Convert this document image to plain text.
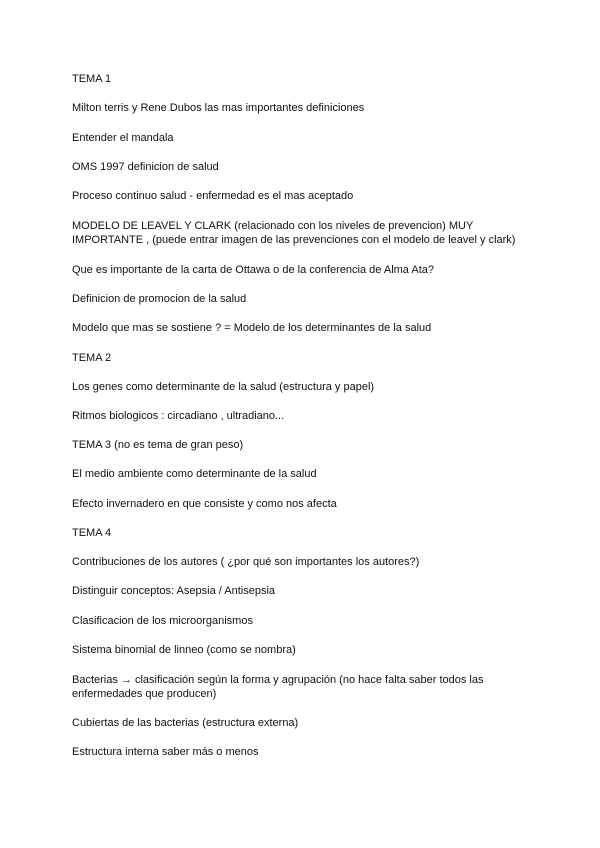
TEMA 1
Milton terris y Rene Dubos las mas importantes definiciones
Entender el mandala
OMS 1997 definicion de salud
Proceso continuo salud - enfermedad es el mas aceptado
MODELO DE LEAVEL Y CLARK (relacionado con los niveles de prevencion) MUY IMPORTANTE , (puede entrar imagen de las prevenciones con el modelo de leavel y clark)
Que es importante de la carta de Ottawa o de la conferencia de Alma Ata?
Definicion de promocion de la salud
Modelo que mas se sostiene ? = Modelo de los determinantes de la salud
TEMA 2
Los genes como determinante de la salud (estructura y papel)
Ritmos biologicos : circadiano , ultradiano...
TEMA 3 (no es tema de gran peso)
El medio ambiente como determinante de la salud
Efecto invernadero en que consiste y como nos afecta
TEMA 4
Contribuciones de los autores ( ¿por qué son importantes los autores?)
Distinguir conceptos: Asepsia / Antisepsia
Clasificacion de los microorganismos
Sistema binomial de linneo (como se nombra)
Bacterias → clasificación según la forma y agrupación (no hace falta saber todos las enfermedades que producen)
Cubiertas de las bacterias (estructura externa)
Estructura interna saber más o menos
